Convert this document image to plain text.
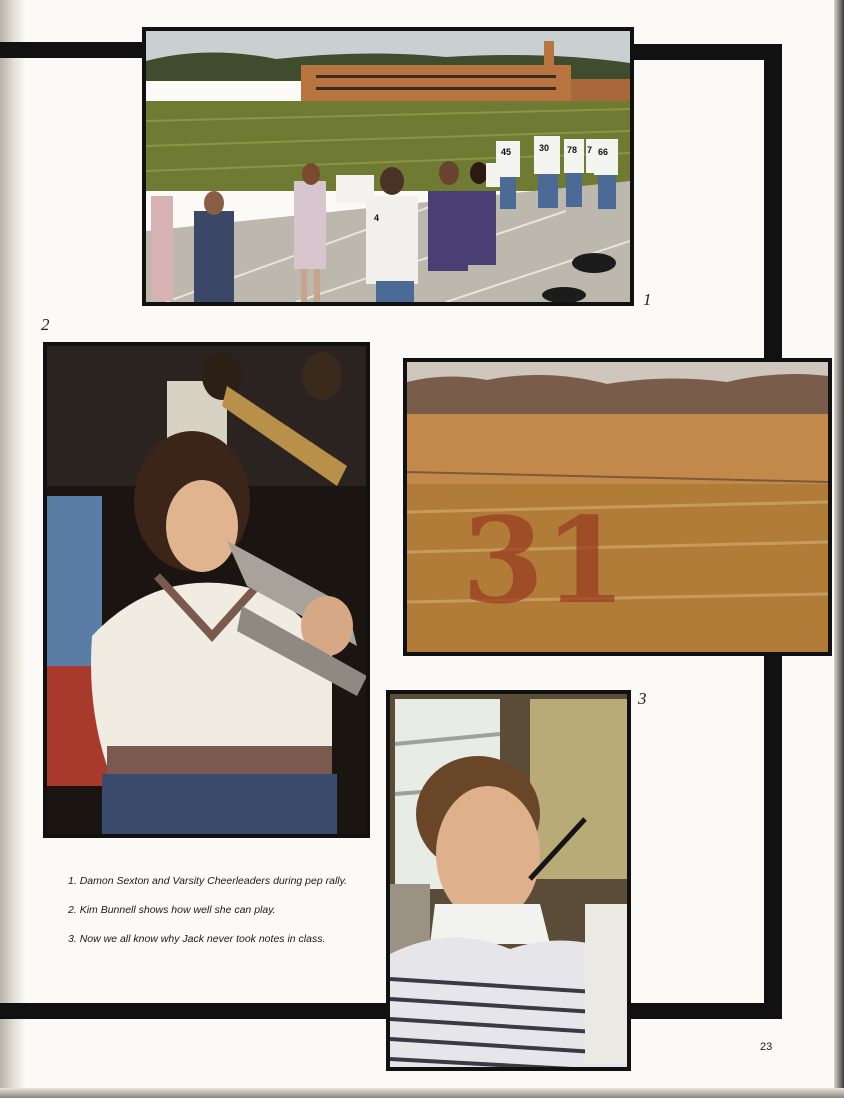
45	30 78 7 66
4
31
1
2
3
1. Damon Sexton and Varsity Cheerleaders during pep rally.
2. Kim Bunnell shows how well she can play.
3. Now we all know why Jack never took notes in class.
23
